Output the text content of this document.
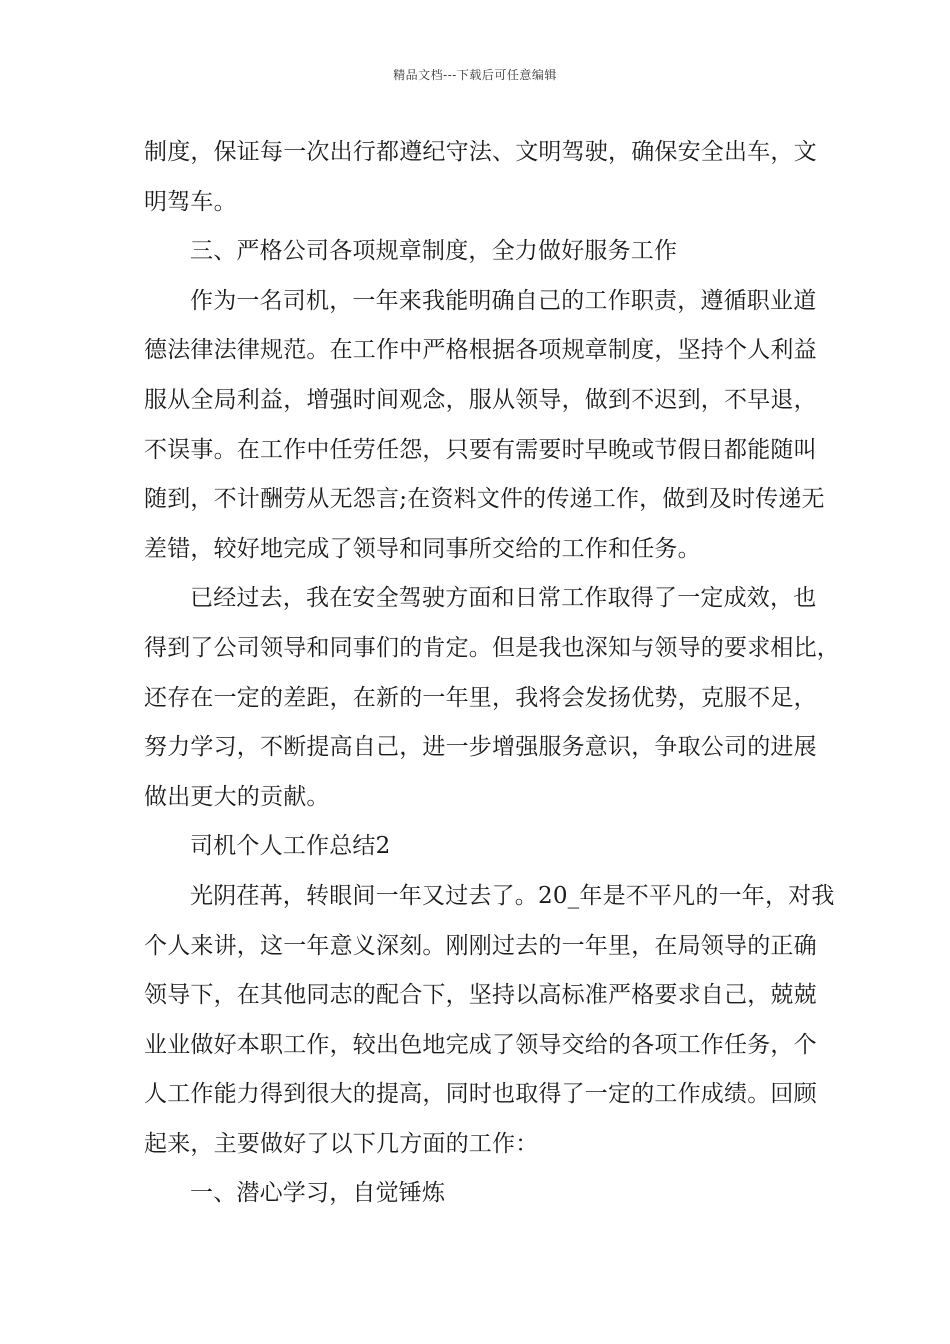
精品文档---下载后可任意编辑
制度，保证每一次出行都遵纪守法、文明驾驶，确保安全出车，文
明驾车。
三、严格公司各项规章制度，全力做好服务工作
作为一名司机，一年来我能明确自己的工作职责，遵循职业道
德法律法律规范。在工作中严格根据各项规章制度，坚持个人利益
服从全局利益，增强时间观念，服从领导，做到不迟到，不早退，
不误事。在工作中任劳任怨，只要有需要时早晚或节假日都能随叫
随到，不计酬劳从无怨言;在资料文件的传递工作，做到及时传递无
差错，较好地完成了领导和同事所交给的工作和任务。
已经过去，我在安全驾驶方面和日常工作取得了一定成效，也
得到了公司领导和同事们的肯定。但是我也深知与领导的要求相比，
还存在一定的差距，在新的一年里，我将会发扬优势，克服不足，
努力学习，不断提高自己，进一步增强服务意识，争取公司的进展
做出更大的贡献。
司机个人工作总结2
光阴荏苒，转眼间一年又过去了。20_年是不平凡的一年，对我
个人来讲，这一年意义深刻。刚刚过去的一年里，在局领导的正确
领导下，在其他同志的配合下，坚持以高标准严格要求自己，兢兢
业业做好本职工作，较出色地完成了领导交给的各项工作任务，个
人工作能力得到很大的提高，同时也取得了一定的工作成绩。回顾
起来，主要做好了以下几方面的工作：
一、潜心学习，自觉锤炼
